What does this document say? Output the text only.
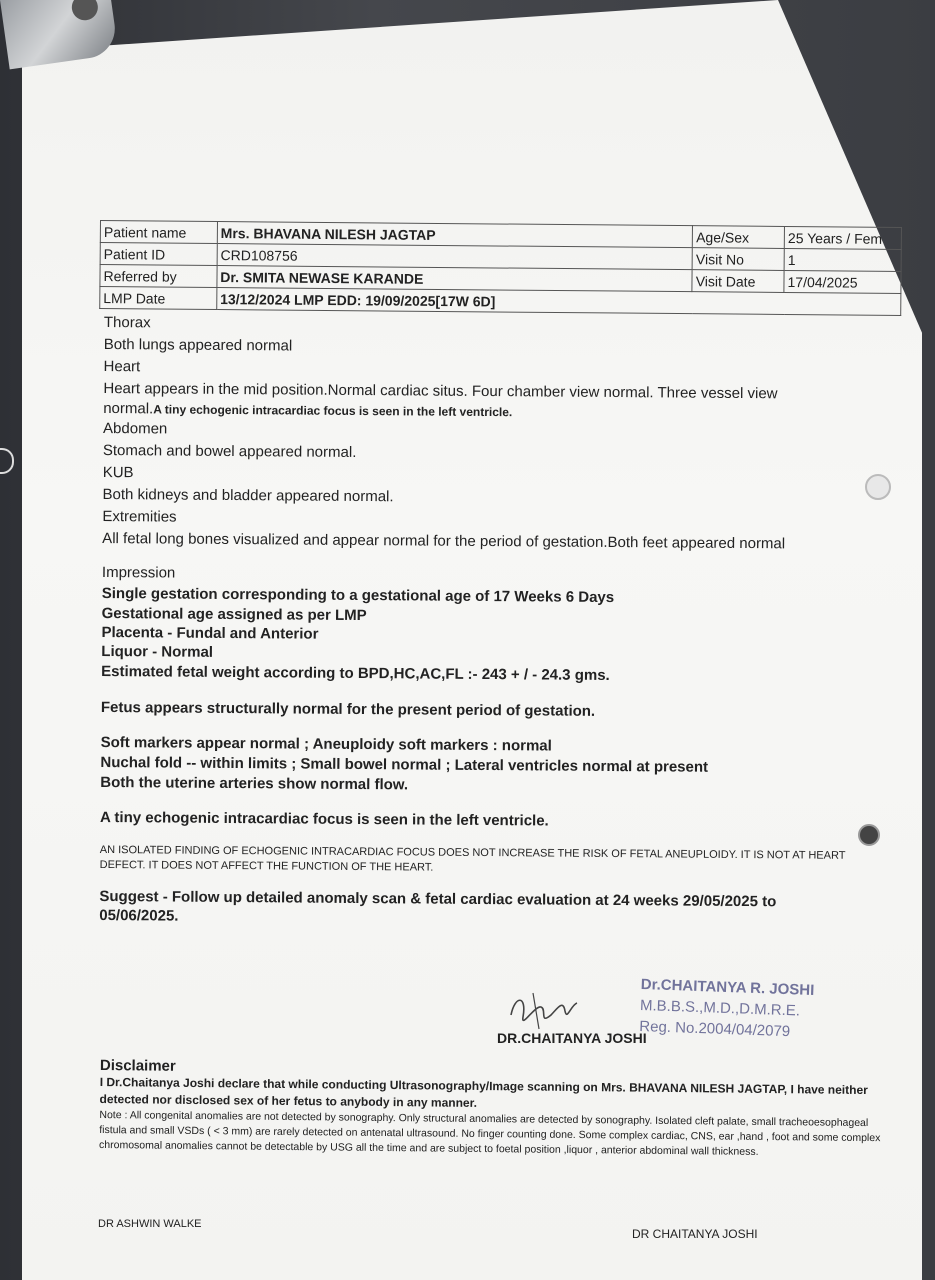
Patient name	Mrs. BHAVANA NILESH JAGTAP	Age/Sex	25 Years / Fem
Patient ID	CRD108756	Visit No	1
Referred by	Dr. SMITA NEWASE KARANDE	Visit Date	17/04/2025
LMP Date	13/12/2024 LMP EDD: 19/09/2025[17W 6D]		
Thorax
Both lungs appeared normal
Heart
Heart appears in the mid position.Normal cardiac situs. Four chamber view normal. Three vessel view
normal.A tiny echogenic intracardiac focus is seen in the left ventricle.
Abdomen
Stomach and bowel appeared normal.
KUB
Both kidneys and bladder appeared normal.
Extremities
All fetal long bones visualized and appear normal for the period of gestation.Both feet appeared normal
Impression
Single gestation corresponding to a gestational age of 17 Weeks 6 Days
Gestational age assigned as per LMP
Placenta - Fundal and Anterior
Liquor - Normal
Estimated fetal weight according to BPD,HC,AC,FL :- 243 + / - 24.3 gms.
Fetus appears structurally normal for the present period of gestation.
Soft markers appear normal ; Aneuploidy soft markers : normal
Nuchal fold -- within limits ; Small bowel normal ; Lateral ventricles normal at present
Both the uterine arteries show normal flow.
A tiny echogenic intracardiac focus is seen in the left ventricle.
AN ISOLATED FINDING OF ECHOGENIC INTRACARDIAC FOCUS DOES NOT INCREASE THE RISK OF FETAL ANEUPLOIDY. IT IS NOT AT HEART DEFECT. IT DOES NOT AFFECT THE FUNCTION OF THE HEART.
Suggest - Follow up detailed anomaly scan & fetal cardiac evaluation at 24 weeks 29/05/2025 to 05/06/2025.
Dr.CHAITANYA R. JOSHI
M.B.B.S.,M.D.,D.M.R.E.
Reg. No.2004/04/2079
DR.CHAITANYA JOSHI
Disclaimer
I Dr.Chaitanya Joshi declare that while conducting Ultrasonography/Image scanning on Mrs. BHAVANA NILESH JAGTAP, I have neither detected nor disclosed sex of her fetus to anybody in any manner.
Note : All congenital anomalies are not detected by sonography. Only structural anomalies are detected by sonography. Isolated cleft palate, small tracheoesophageal fistula and small VSDs ( < 3 mm) are rarely detected on antenatal ultrasound. No finger counting done. Some complex cardiac, CNS, ear ,hand , foot and some complex chromosomal anomalies cannot be detectable by USG all the time and are subject to foetal position ,liquor , anterior abdominal wall thickness.
DR ASHWIN WALKE
DR CHAITANYA JOSHI
